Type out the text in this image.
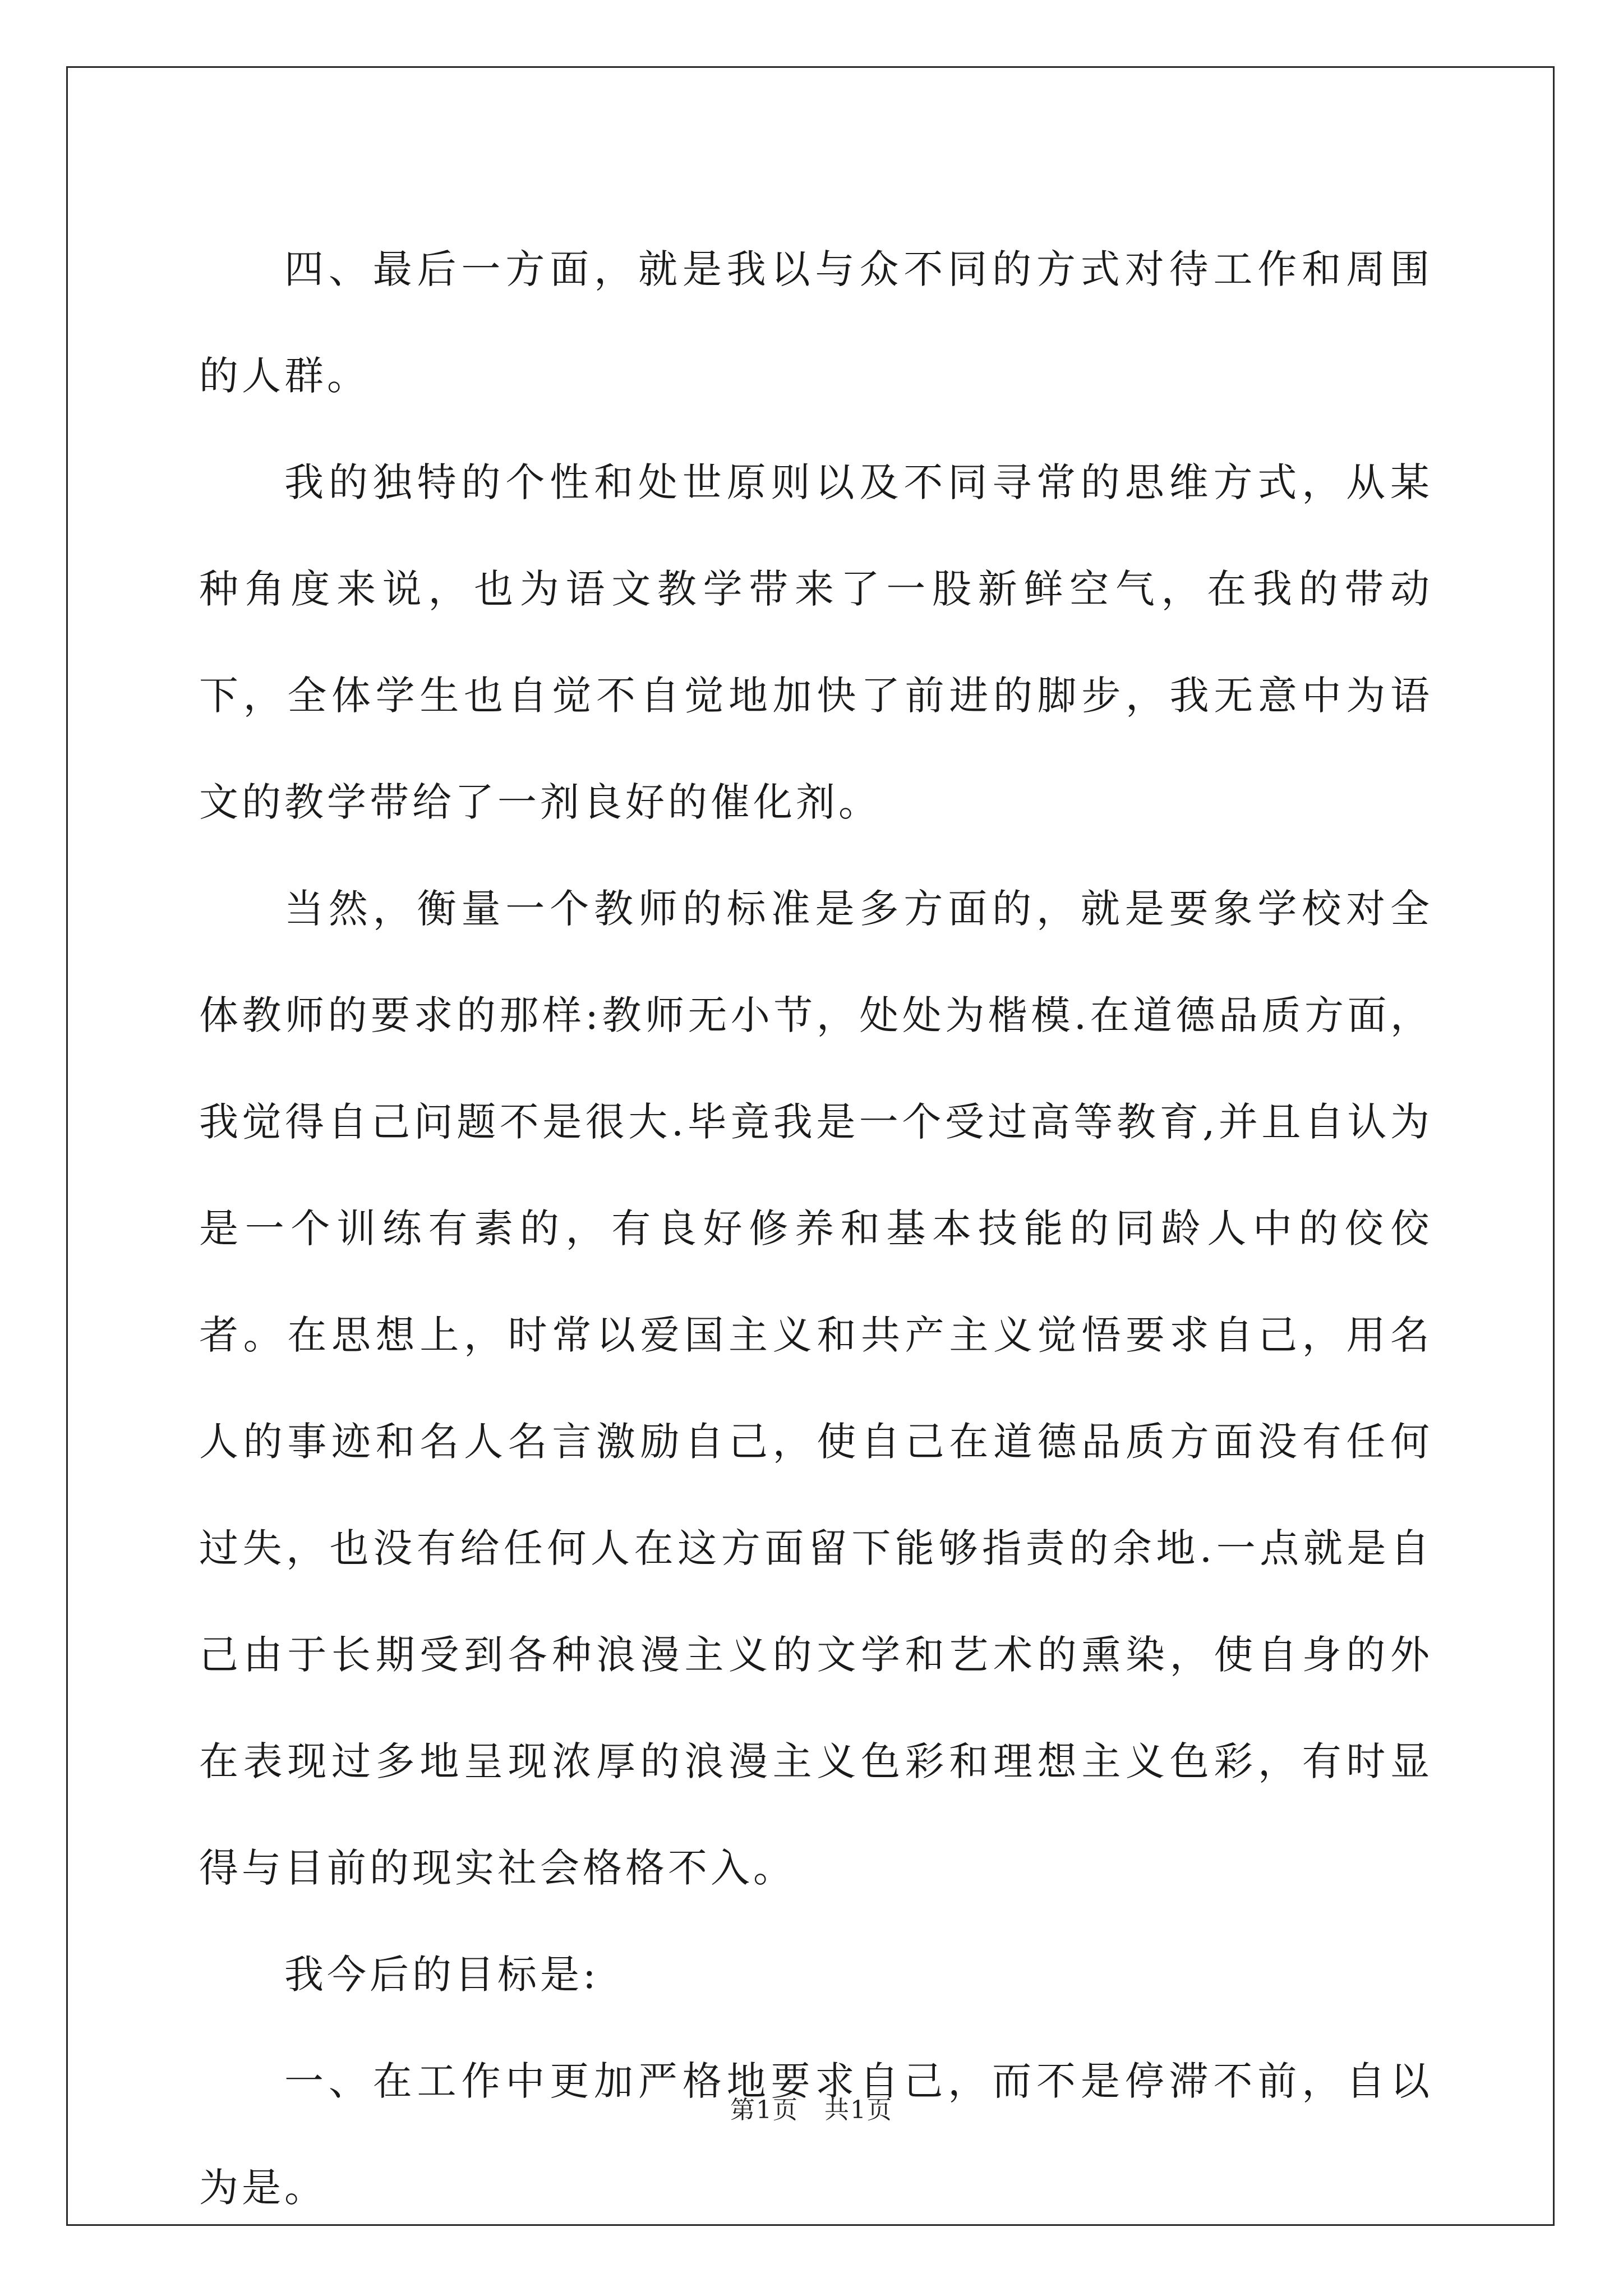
四、最后一方面，就是我以与众不同的方式对待工作和周围的人群。

我的独特的个性和处世原则以及不同寻常的思维方式，从某种角度来说，也为语文教学带来了一股新鲜空气，在我的带动下，全体学生也自觉不自觉地加快了前进的脚步，我无意中为语文的教学带给了一剂良好的催化剂。

当然，衡量一个教师的标准是多方面的，就是要象学校对全体教师的要求的那样:教师无小节，处处为楷模.在道德品质方面，我觉得自己问题不是很大.毕竟我是一个受过高等教育,并且自认为是一个训练有素的，有良好修养和基本技能的同龄人中的佼佼者。在思想上，时常以爱国主义和共产主义觉悟要求自己，用名人的事迹和名人名言激励自己，使自己在道德品质方面没有任何过失，也没有给任何人在这方面留下能够指责的余地.一点就是自己由于长期受到各种浪漫主义的文学和艺术的熏染，使自身的外在表现过多地呈现浓厚的浪漫主义色彩和理想主义色彩，有时显得与目前的现实社会格格不入。

我今后的目标是:

一、在工作中更加严格地要求自己，而不是停滞不前，自以为是。

第1页　共1页
